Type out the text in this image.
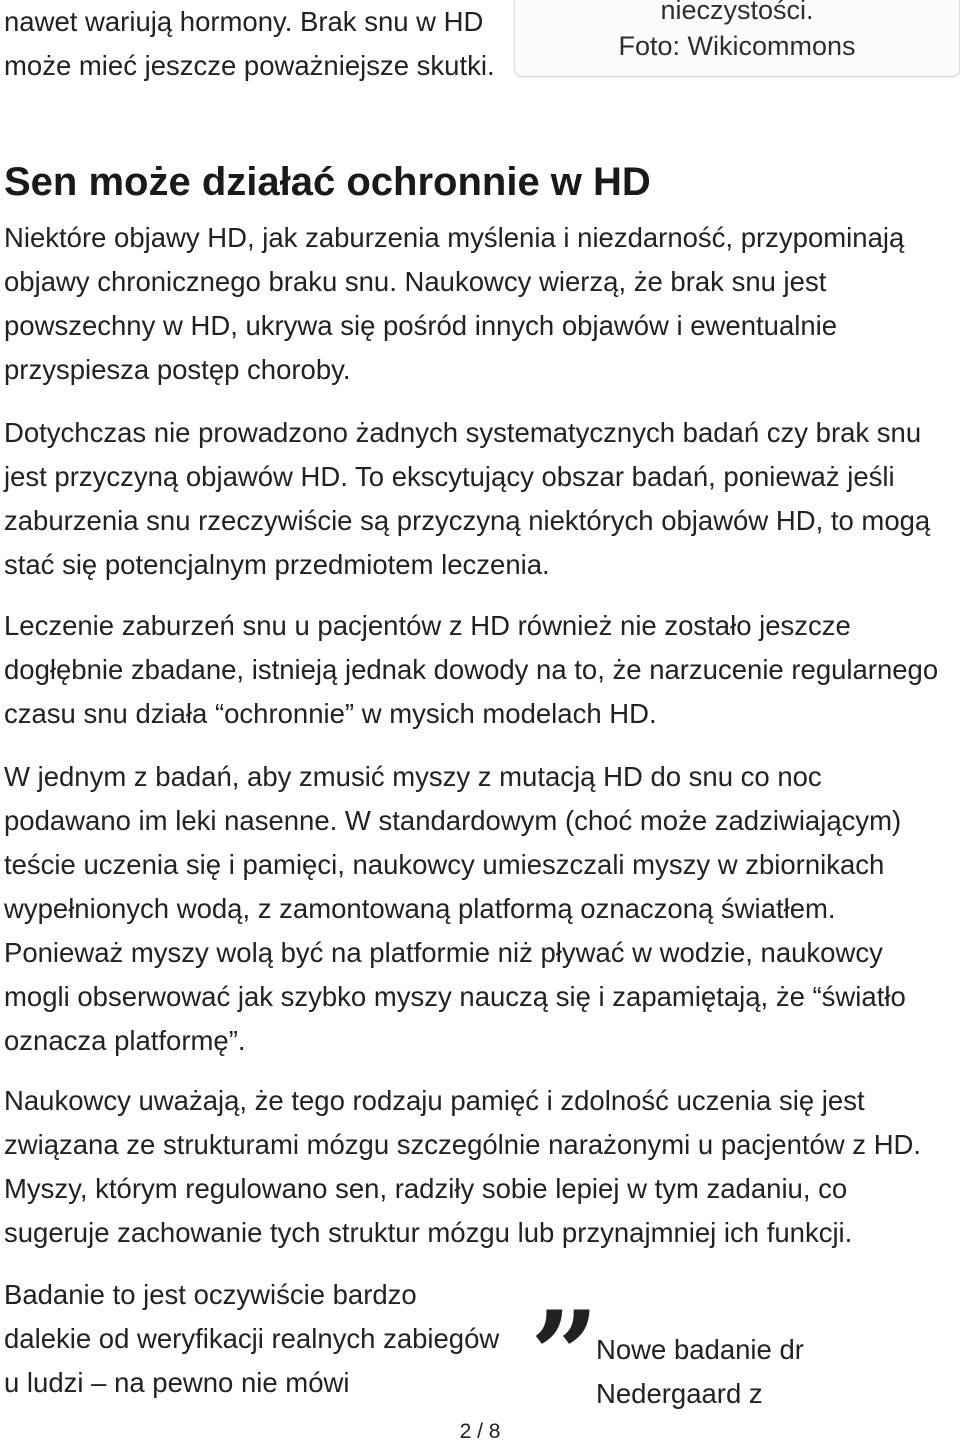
nawet wariują hormony. Brak snu w HD może mieć jeszcze poważniejsze skutki.

nieczystości.
Foto: Wikicommons
Sen może działać ochronnie w HD

Niektóre objawy HD, jak zaburzenia myślenia i niezdarność, przypominają objawy chronicznego braku snu. Naukowcy wierzą, że brak snu jest powszechny w HD, ukrywa się pośród innych objawów i ewentualnie przyspiesza postęp choroby.

Dotychczas nie prowadzono żadnych systematycznych badań czy brak snu jest przyczyną objawów HD. To ekscytujący obszar badań, ponieważ jeśli zaburzenia snu rzeczywiście są przyczyną niektórych objawów HD, to mogą stać się potencjalnym przedmiotem leczenia.

Leczenie zaburzeń snu u pacjentów z HD również nie zostało jeszcze dogłębnie zbadane, istnieją jednak dowody na to, że narzucenie regularnego czasu snu działa “ochronnie” w mysich modelach HD.

W jednym z badań, aby zmusić myszy z mutacją HD do snu co noc podawano im leki nasenne. W standardowym (choć może zadziwiającym) teście uczenia się i pamięci, naukowcy umieszczali myszy w zbiornikach wypełnionych wodą, z zamontowaną platformą oznaczoną światłem. Ponieważ myszy wolą być na platformie niż pływać w wodzie, naukowcy mogli obserwować jak szybko myszy nauczą się i zapamiętają, że “światło oznacza platformę”.

Naukowcy uważają, że tego rodzaju pamięć i zdolność uczenia się jest związana ze strukturami mózgu szczególnie narażonymi u pacjentów z HD. Myszy, którym regulowano sen, radziły sobie lepiej w tym zadaniu, co sugeruje zachowanie tych struktur mózgu lub przynajmniej ich funkcji.

Badanie to jest oczywiście bardzo dalekie od weryfikacji realnych zabiegów u ludzi – na pewno nie mówi	”
Nowe badanie dr Nedergaard z
2 / 8
